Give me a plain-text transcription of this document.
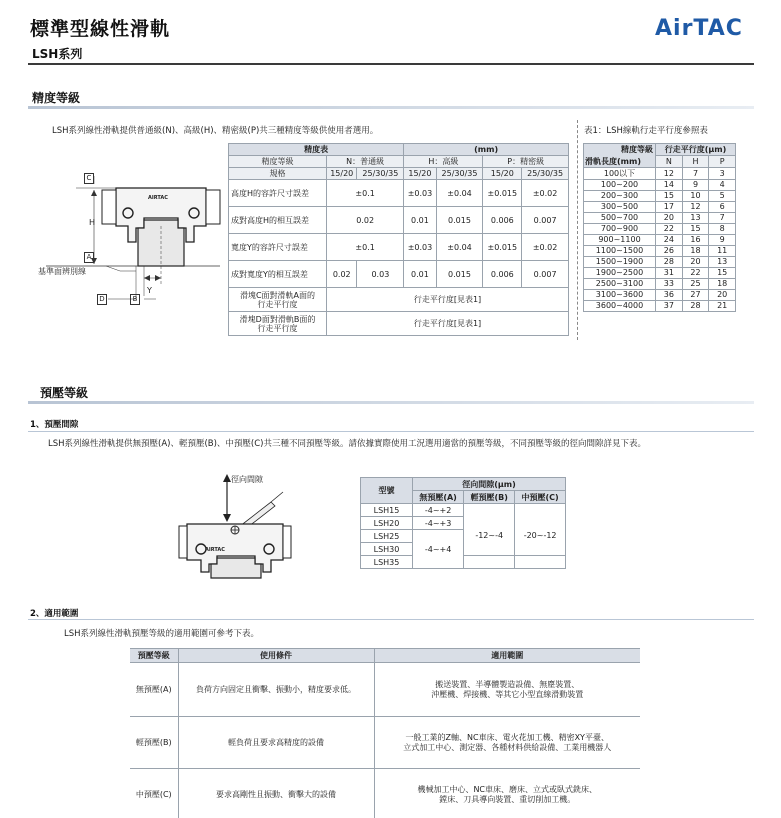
標準型線性滑軌
LSH系列
AirTAC
精度等級
LSH系列線性滑軌提供普通級(N)、高級(H)、精密級(P)共三種精度等級供使用者選用。
C
H
A
基準面辨別線
D	B
Y
AIRTAC
精度表			(mm)			
精度等級	N：普通級		H：高級		P：精密級	
規格	15/20	25/30/35	15/20	25/30/35	15/20	25/30/35
高度H的容許尺寸誤差	±0.1		±0.03	±0.04	±0.015	±0.02
成對高度H的相互誤差	0.02		0.01	0.015	0.006	0.007
寬度Y的容許尺寸誤差	±0.1		±0.03	±0.04	±0.015	±0.02
成對寬度Y的相互誤差	0.02	0.03	0.01	0.015	0.006	0.007
滑塊C面對滑軌A面的
行走平行度	行走平行度[見表1]					
滑塊D面對滑軌B面的
行走平行度	行走平行度[見表1]					
表1：LSH線軌行走平行度參照表
精度等級	行走平行度(μm)		
滑軌長度(mm)	N	H	P
100以下	12	7	3
100~200	14	9	4
200~300	15	10	5
300~500	17	12	6
500~700	20	13	7
700~900	22	15	8
900~1100	24	16	9
1100~1500	26	18	11
1500~1900	28	20	13
1900~2500	31	22	15
2500~3100	33	25	18
3100~3600	36	27	20
3600~4000	37	28	21
預壓等級
1、預壓間隙
LSH系列線性滑軌提供無預壓(A)、輕預壓(B)、中預壓(C)共三種不同預壓等級。請依據實際使用工況選用適當的預壓等級，不同預壓等級的徑向間隙詳見下表。
徑向間隙
AIRTAC
型號	徑向間隙(μm)		
	無預壓(A)	輕預壓(B)	中預壓(C)
LSH15	-4~+2		
LSH20	-4~+3	-12~-4	-20~-12
LSH25	-4~+4		
LSH30			
LSH35			
2、適用範圍
LSH系列線性滑軌預壓等級的適用範圍可參考下表。
預壓等級	使用條件	適用範圍
無預壓(A)	負荷方向固定且衝擊、振動小，精度要求低。	搬送裝置、半導體製造設備、無塵裝置、
沖壓機、焊接機、等其它小型直線滑動裝置
輕預壓(B)	輕負荷且要求高精度的設備	一般工業的Z軸、NC車床、電火花加工機、精密XY平臺、
立式加工中心、測定器、各種材料供給設備、工業用機器人
中預壓(C)	要求高剛性且振動、衝擊大的設備	機械加工中心、NC車床、磨床、立式或臥式銑床、
鏜床、刀具導向裝置、重切削加工機。
